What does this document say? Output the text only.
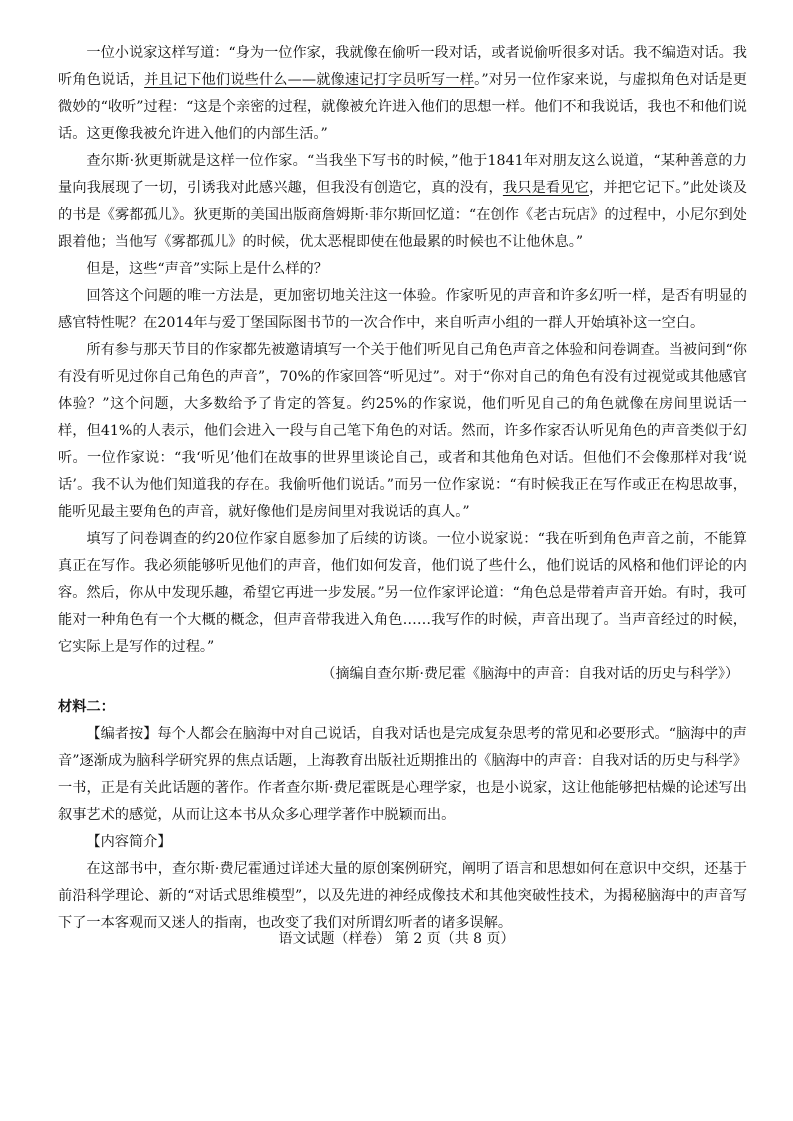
一位小说家这样写道：“身为一位作家，我就像在偷听一段对话，或者说偷听很多对话。我不编造对话。我听角色说话，并且记下他们说些什么——就像速记打字员听写一样。”对另一位作家来说，与虚拟角色对话是更微妙的“收听”过程：“这是个亲密的过程，就像被允许进入他们的思想一样。他们不和我说话，我也不和他们说话。这更像我被允许进入他们的内部生活。”

查尔斯·狄更斯就是这样一位作家。“当我坐下写书的时候，”他于1841年对朋友这么说道，“某种善意的力量向我展现了一切，引诱我对此感兴趣，但我没有创造它，真的没有，我只是看见它，并把它记下。”此处谈及的书是《雾都孤儿》。狄更斯的美国出版商詹姆斯·菲尔斯回忆道：“在创作《老古玩店》的过程中，小尼尔到处跟着他；当他写《雾都孤儿》的时候，优太恶棍即使在他最累的时候也不让他休息。”

但是，这些“声音”实际上是什么样的？

回答这个问题的唯一方法是，更加密切地关注这一体验。作家听见的声音和许多幻听一样，是否有明显的感官特性呢？在2014年与爱丁堡国际图书节的一次合作中，来自听声小组的一群人开始填补这一空白。

所有参与那天节目的作家都先被邀请填写一个关于他们听见自己角色声音之体验和问卷调查。当被问到“你有没有听见过你自己角色的声音”，70%的作家回答“听见过”。对于“你对自己的角色有没有过视觉或其他感官体验？”这个问题，大多数给予了肯定的答复。约25%的作家说，他们听见自己的角色就像在房间里说话一样，但41%的人表示，他们会进入一段与自己笔下角色的对话。然而，许多作家否认听见角色的声音类似于幻听。一位作家说：“我‘听见’他们在故事的世界里谈论自己，或者和其他角色对话。但他们不会像那样对我‘说话’。我不认为他们知道我的存在。我偷听他们说话。”而另一位作家说：“有时候我正在写作或正在构思故事，能听见最主要角色的声音，就好像他们是房间里对我说话的真人。”

填写了问卷调查的约20位作家自愿参加了后续的访谈。一位小说家说：“我在听到角色声音之前，不能算真正在写作。我必须能够听见他们的声音，他们如何发音，他们说了些什么，他们说话的风格和他们评论的内容。然后，你从中发现乐趣，希望它再进一步发展。”另一位作家评论道：“角色总是带着声音开始。有时，我可能对一种角色有一个大概的概念，但声音带我进入角色……我写作的时候，声音出现了。当声音经过的时候，它实际上是写作的过程。”

（摘编自查尔斯·费尼霍《脑海中的声音：自我对话的历史与科学》）

材料二：

【编者按】每个人都会在脑海中对自己说话，自我对话也是完成复杂思考的常见和必要形式。“脑海中的声音”逐渐成为脑科学研究界的焦点话题，上海教育出版社近期推出的《脑海中的声音：自我对话的历史与科学》一书，正是有关此话题的著作。作者查尔斯·费尼霍既是心理学家，也是小说家，这让他能够把枯燥的论述写出叙事艺术的感觉，从而让这本书从众多心理学著作中脱颖而出。

【内容简介】

在这部书中，查尔斯·费尼霍通过详述大量的原创案例研究，阐明了语言和思想如何在意识中交织，还基于前沿科学理论、新的“对话式思维模型”，以及先进的神经成像技术和其他突破性技术，为揭秘脑海中的声音写下了一本客观而又迷人的指南，也改变了我们对所谓幻听者的诸多误解。

语文试题（样卷） 第 2 页（共 8 页）
